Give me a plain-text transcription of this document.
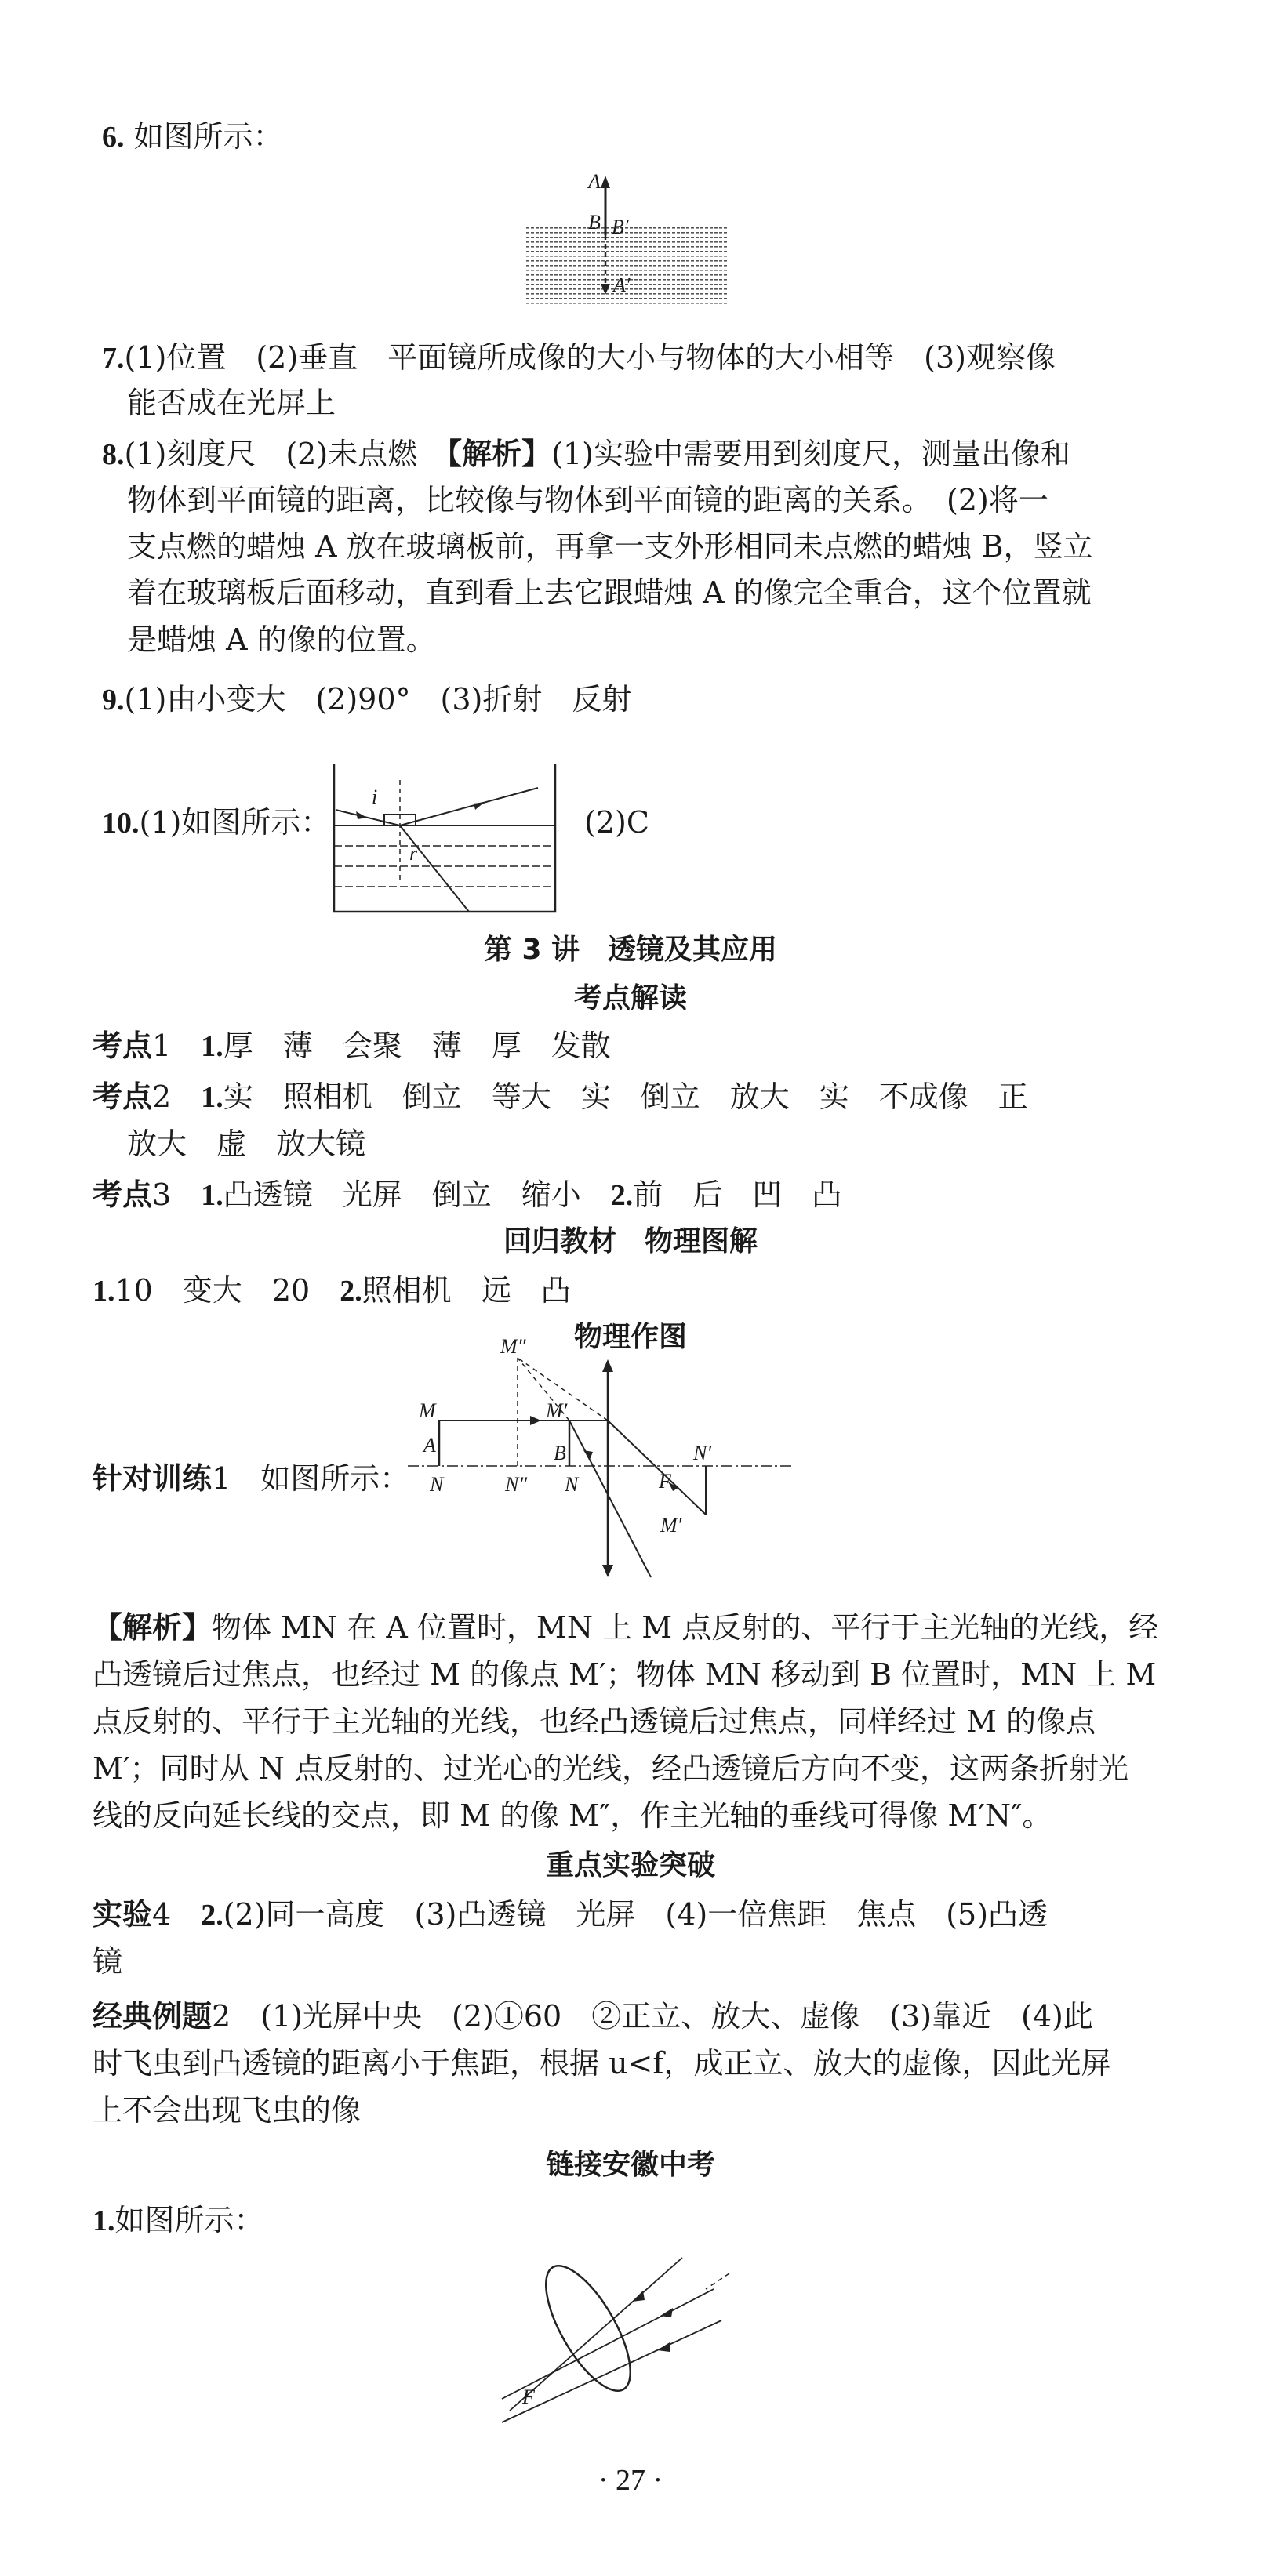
6. 如图所示：
A
B B′
A′
7.(1)位置　(2)垂直　平面镜所成像的大小与物体的大小相等　(3)观察像
能否成在光屏上
8.(1)刻度尺　(2)未点燃　【解析】(1)实验中需要用到刻度尺，测量出像和
物体到平面镜的距离，比较像与物体到平面镜的距离的关系。　(2)将一
支点燃的蜡烛 A 放在玻璃板前，再拿一支外形相同未点燃的蜡烛 B，竖立
着在玻璃板后面移动，直到看上去它跟蜡烛 A 的像完全重合，这个位置就
是蜡烛 A 的像的位置。
9.(1)由小变大　(2)90°　(3)折射　反射
10.(1)如图所示：	(2)C
i
r
第 3 讲　透镜及其应用
考点解读
考点1　 1.厚　薄　会聚　薄　厚　发散
考点2　 1.实　照相机　倒立　等大　实　倒立　放大　实　不成像　正
放大　虚　放大镜
考点3　 1.凸透镜　光屏　倒立　缩小　 2.前　后　凹　凸
回归教材　物理图解
1.10　变大　20　 2.照相机　远　凸
物理作图
针对训练1　 如图所示：
M″
M	M′
A	B
N	N″ N	F
N′
M′
【解析】物体 MN 在 A 位置时，MN 上 M 点反射的、平行于主光轴的光线，经
凸透镜后过焦点，也经过 M 的像点 M′；物体 MN 移动到 B 位置时，MN 上 M
点反射的、平行于主光轴的光线，也经凸透镜后过焦点，同样经过 M 的像点
M′；同时从 N 点反射的、过光心的光线，经凸透镜后方向不变，这两条折射光
线的反向延长线的交点，即 M 的像 M″，作主光轴的垂线可得像 M′N″。
重点实验突破
实验4　 2.(2)同一高度　(3)凸透镜　光屏　(4)一倍焦距　焦点　(5)凸透
镜
经典例题2　 (1)光屏中央　(2)①60　②正立、放大、虚像　(3)靠近　(4)此
时飞虫到凸透镜的距离小于焦距，根据 u<f，成正立、放大的虚像，因此光屏
上不会出现飞虫的像
链接安徽中考
1.如图所示：
F
· 27 ·
